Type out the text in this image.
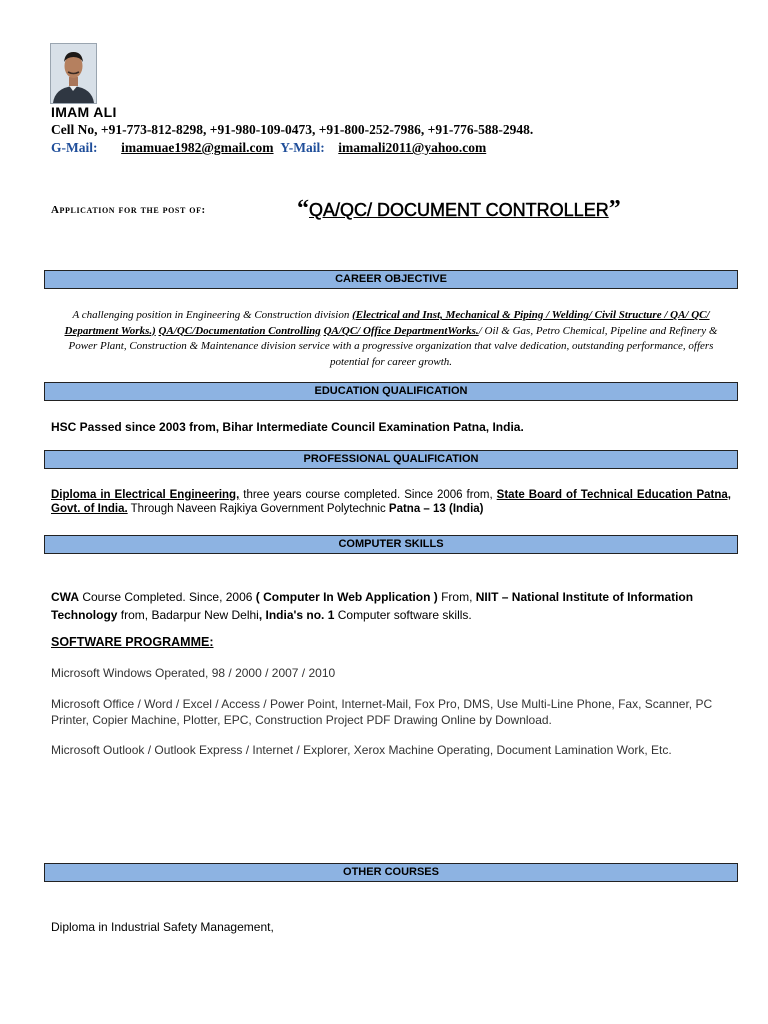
IMAM ALI
Cell No, +91-773-812-8298, +91-980-109-0473, +91-800-252-7986, +91-776-588-2948.
G-Mail: imamuae1982@gmail.com Y-Mail: imamali2011@yahoo.com
Application for the post of:	“QA/QC/ DOCUMENT CONTROLLER”
CAREER OBJECTIVE
A challenging position in Engineering & Construction division (Electrical and Inst, Mechanical & Piping / Welding/ Civil Structure / QA/ QC/ Department Works.) QA/QC/Documentation Controlling QA/QC/ Office DepartmentWorks./ Oil & Gas, Petro Chemical, Pipeline and Refinery & Power Plant, Construction & Maintenance division service with a progressive organization that valve dedication, outstanding performance, offers potential for career growth.
EDUCATION QUALIFICATION
HSC Passed since 2003 from, Bihar Intermediate Council Examination Patna, India.
PROFESSIONAL QUALIFICATION
Diploma in Electrical Engineering, three years course completed. Since 2006 from, State Board of Technical Education Patna, Govt. of India. Through Naveen Rajkiya Government Polytechnic Patna – 13 (India)
COMPUTER SKILLS
CWA Course Completed. Since, 2006 ( Computer In Web Application ) From, NIIT – National Institute of Information Technology from, Badarpur New Delhi, India's no. 1 Computer software skills.
SOFTWARE PROGRAMME:
Microsoft Windows Operated, 98 / 2000 / 2007 / 2010
Microsoft Office / Word / Excel / Access / Power Point, Internet-Mail, Fox Pro, DMS, Use Multi-Line Phone, Fax, Scanner, PC Printer, Copier Machine, Plotter, EPC, Construction Project PDF Drawing Online by Download.
Microsoft Outlook / Outlook Express / Internet / Explorer, Xerox Machine Operating, Document Lamination Work, Etc.
OTHER COURSES
Diploma in Industrial Safety Management,
